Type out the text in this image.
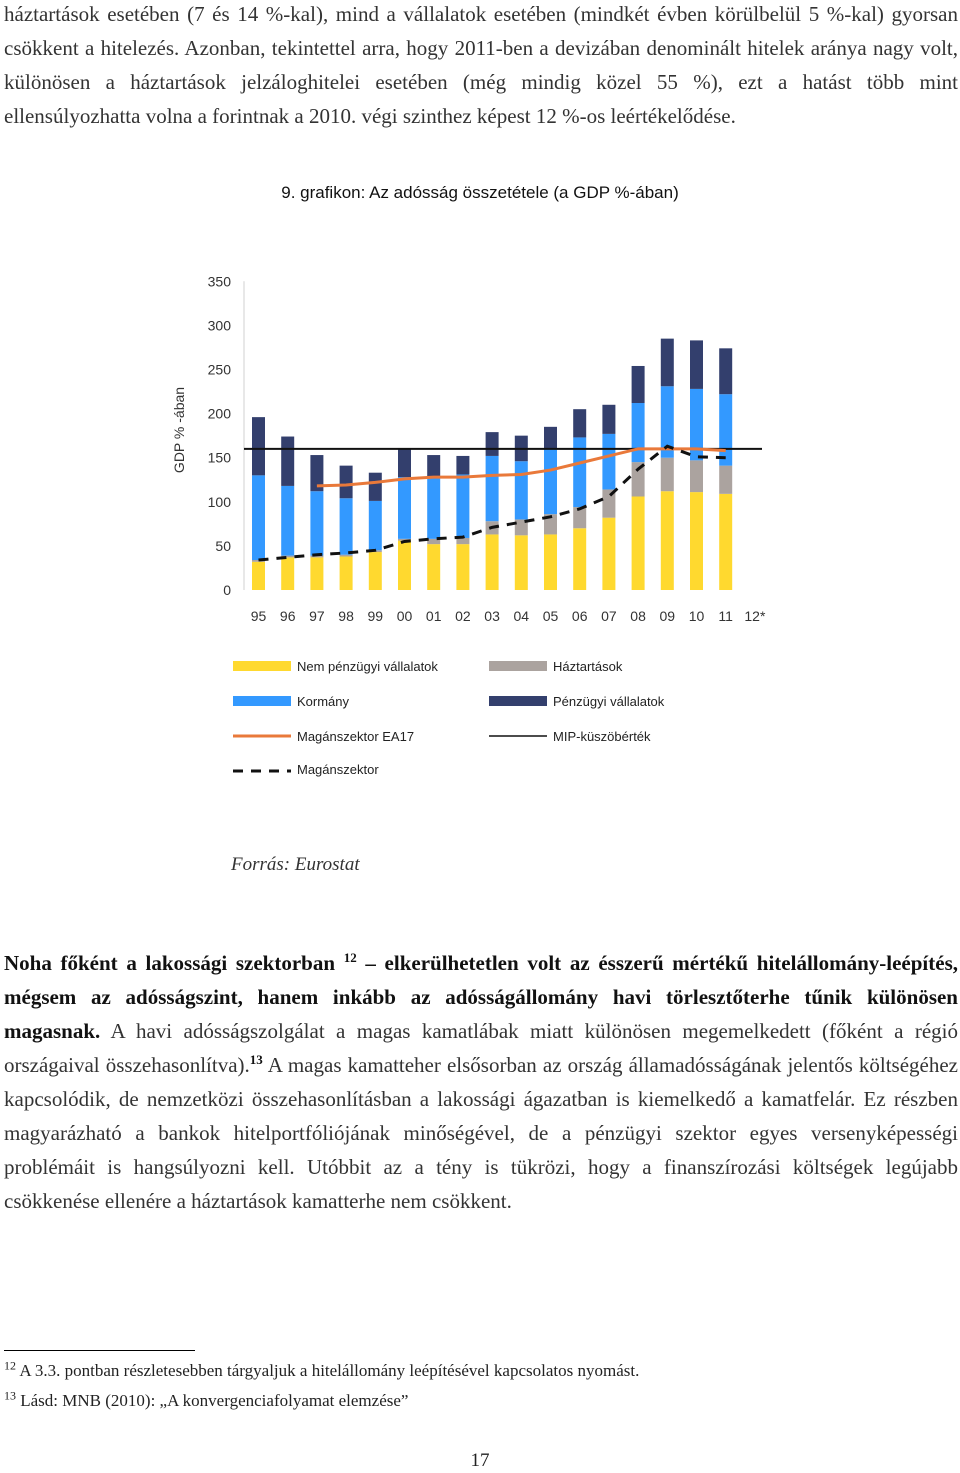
háztartások esetében (7 és 14 %-kal), mind a vállalatok esetében (mindkét évben körülbelül 5 %-kal) gyorsan csökkent a hitelezés. Azonban, tekintettel arra, hogy 2011-ben a devizában denominált hitelek aránya nagy volt, különösen a háztartások jelzáloghitelei esetében (még mindig közel 55 %), ezt a hatást több mint ellensúlyozhatta volna a forintnak a 2010. végi szinthez képest 12 %-os leértékelődése.

9. grafikon: Az adósság összetétele (a GDP %-ában)
0
50
100
150
200
250
300
350
GDP % -ában
95 96 97 98 99 00 01 02 03 04 05 06 07 08 09 10 11 12*
Nem pénzügyi vállalatok	Háztartások
Kormány	Pénzügyi vállalatok
Magánszektor EA17
Magánszektor
MIP-küszöbérték
Forrás: Eurostat

Noha főként a lakossági szektorban $^{12}$ – elkerülhetetlen volt az ésszerű mértékű hitelállomány-leépítés, mégsem az adósságszint, hanem inkább az adósságállomány havi törlesztőterhe tűnik különösen magasnak. A havi adósságszolgálat a magas kamatlábak miatt különösen megemelkedett (főként a régió országaival összehasonlítva).$^{13}$ A magas kamatteher elsősorban az ország államadósságának jelentős költségéhez kapcsolódik, de nemzetközi összehasonlításban a lakossági ágazatban is kiemelkedő a kamatfelár. Ez részben magyarázható a bankok hitelportfóliójának minőségével, de a pénzügyi szektor egyes versenyképességi problémáit is hangsúlyozni kell. Utóbbit az a tény is tükrözi, hogy a finanszírozási költségek legújabb csökkenése ellenére a háztartások kamatterhe nem csökkent.

$^{12}$ A 3.3. pontban részletesebben tárgyaljuk a hitelállomány leépítésével kapcsolatos nyomást.
$^{13}$ Lásd: MNB (2010): „A konvergenciafolyamat elemzése”
17
